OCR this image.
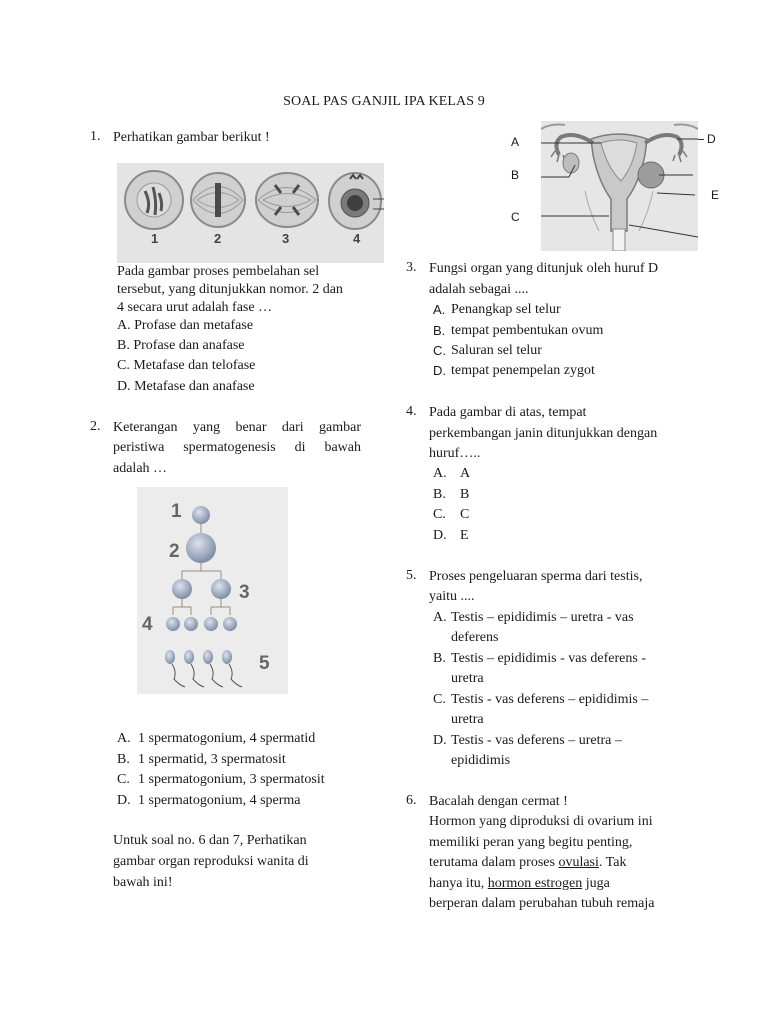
SOAL PAS GANJIL IPA KELAS 9
1. Perhatikan gambar berikut !
1	2	3	4
Pada gambar proses pembelahan sel
tersebut, yang ditunjukkan nomor. 2 dan
4 secara urut adalah fase …
A. Profase dan metafase
B. Profase dan anafase
C. Metafase dan telofase
D. Metafase dan anafase
2. Keterangan yang benar dari gambar
peristiwa spermatogenesis di bawah
adalah …
1
2
3
4
5
A. 1 spermatogonium, 4 spermatid
B. 1 spermatid, 3 spermatosit
C. 1 spermatogonium, 3 spermatosit
D. 1 spermatogonium, 4 sperma
Untuk soal no. 6 dan 7, Perhatikan
gambar organ reproduksi wanita di
bawah ini!
A
B
C
D
E
3. Fungsi organ yang ditunjuk oleh huruf D
adalah sebagai ....
A. Penangkap sel telur
B. tempat pembentukan ovum
C. Saluran sel telur
D. tempat penempelan zygot
4. Pada gambar di atas, tempat
perkembangan janin ditunjukkan dengan
huruf…..
A. A
B. B
C. C
D. E
5. Proses pengeluaran sperma dari testis,
yaitu ....
A. Testis – epididimis – uretra - vas
deferens
B. Testis – epididimis - vas deferens -
uretra
C. Testis - vas deferens – epididimis –
uretra
D. Testis - vas deferens – uretra –
epididimis
6. Bacalah dengan cermat !
Hormon yang diproduksi di ovarium ini
memiliki peran yang begitu penting,
terutama dalam proses ovulasi. Tak
hanya itu, hormon estrogen juga
berperan dalam perubahan tubuh remaja
